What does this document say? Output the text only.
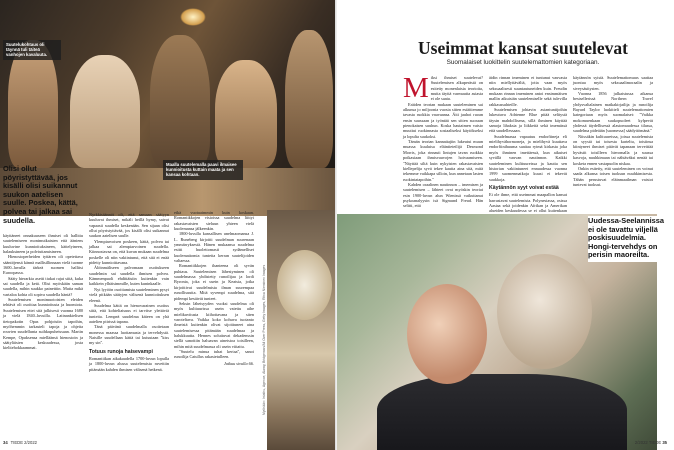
Suutelukohtaus oli täynnä tuli täiteä vanhojen kavaluuta.
Maalla suutelemalla paavi ilmaisee kunnioitusta kuttain maata ja sen kansaa kohtaan.
Olisi ollut pöyristyttävää, jos kisälli olisi suikannut suukon aatelisen suulle. Poskea, kättä, polvea tai jalkaa sai suudella.

käyttäneet onnakuuseen ihmiset oli hallittu suutelemiseen monimutkaisten että ääniens kuuluvine kunnioituksineen, kättelyineen, halauksineen ja polviuttamisineen.

Hienostoperheiden tyttären oli opetettava sääntöjensä kännä mallisillinnaan vielä tuonne 1600–luvulla tärkeä suomen hallitsi Euroopassa.

Sääty hierarkia asetti tiukat rajat siitä, kuka sai suudella ja ketä. Olisi myöskään saman suudella, mihin suukko painettiin. Mutta mikä vartaloa kohta oli sopiva suudella häntä?

Suutelemisen monimuotoisten eleiden tehtävä oli osoittaa kunnioitusta ja huomiota. Suutelemisen ettei sitä julkisesti vuonna 1680 ja vielä 1840–luvuilla. Latinankielisen tietopakotin Opas pohjoisiin tapoihin, myöhemmin tarkasteli tapoja ja ohjeita rouvien suudellunta suihkupuheissaan. Martin Kempe, Opuksensa mielläänsä hienostoin ja säätyläisten keskuudessa, josta kielitehokkaammat.

Nyrkkisäännöt oli, että samaan säätyyn kuuluvat ihmiset, mikäli heillä hymy, saivat vapaasti suudella keskenään. Sen sijaan olisi ollut pöyristyttävää, jos kisälli olisi suikannut suukon aatelisen suulle.

Ylempiarvoisen poskeen, kättä, polvea tai jalkaa sai alempiarvoinen suudella. Kiinnostavaa on, että kuvan mukaan suudelma poskelle oli niin vakiintunut, että sitä ei enää pidetty kunnioittavana.

Älöinmäliseen palvomaan osoitukseen suudelmin sai suudella ihmisen polvea. Kämmenpuoli ehdittäisiin kuitenkin vain kaikkein ylhäisimmille, kuten kuninkaalle.

Nyt lyyöön osoittamista suuteleminen pysyi vielä pitkään säätyjen välisenä kunnioituksen eleenä.

Suudelma kättä on hienovarainen osoitus siitä, että kohteliaisuus ei tarvitse ylettäviä tunteita. Lempeä suudelma käteen on yhä aatelien piirissä tapana.

Tänä päivänä suudelmalla osoitetaan monessa maassa luottamusta ja tervehdystä. Naisille suudellaan kättä tai kutsutaan "kiss my sin".

Totuus runoja haisevampi

Romantiikan aikakaudella 1700-luvun lopulla ja 1800-luvun alussa suutelemista ruvettiin pitämään kahden ihmisen välisenä hetkenä.

eikä vuotuaimmin kuin koskaan. Romantikkojen visioissa suudelma liittyi rakastavaisten sieluun yhteen vielä kuolemansa jälkeenkin.

1800-luvulla kansallisen unelmaomansa J. L. Runeberg kirjoitti suudelman suurenaan ymmärryksestä. Hänen mukaansa suudelma esitti huolettomasti sydämelliset kuolemattomia tunteita kerran suutelijoiden valtaessa.

Romantiikkojen ihanteena oli syvän puhtaus. Suutelemisen lähestyminen oli suudelmassa yhdistetty runoilijaa ja lordi Byronia, joka ei usein ja Keatsia, jotka kirjoittivat suudelmista ilman suurempaa runollisuutta. Mitä syvempi suudelma, sitä pidempi kestävät tunteet.

Seksin läheisyyden vuoksi suudelma oli myös kulttuurissa usein vaiettu aihe mielikuvitusta kiihottavana ja siten varoteltava. Vaikka koko kohuva tuotanto ilmeistä kuitenkin olivat sijoittuneet aina suutelemisessa pitämään suudelmaa ja halukkuutta. Hennes soluttuvat dekadenssin siellä sanottiin haluavan aineistoa toisilleen, mihin mitä suudelmassa oli usein viitattu.

"Suutelu minua tuhat kertaa", sanoi runoilija Catullus rakastetulleen.

Jatkuu sivulla 66. Myöhään: Intathu, Agence, Alamy, Bridgeman/All Over Press, Getty Images, Ritva Nieminen Images
34 TIEDE 2/2022
Useimmat kansat suutelevat
Suomalaiset luokittelin suutelemattomien kategoriaan.

Miksi ihmiset suutelevat? Suutelemisen alkuperästä on esitetty monenlaisia teorioita, mutta täyttä varmuutta asiasta ei ole saatu.

Eräiden teorian mukaan suuteleminen sai alkunsa jo miljoonia vuosia sitten esiäitiemme tavasta ruokkia vauvaansa. Äiti jauhoi ruoan ensin suussaan ja työntää sen sitten suoraan pienokaisen suuhun. Koska hautaimen vaisto muuttui ruokinnasta sosiaaliseksi käytökseksi ja lopulta suukoksi.

Tämän teorian kannattajiin lukeutui muun muassa kuuluisa eläintieteilijä Desmond Morris, joka rinnasti lintujen tavan ruokkia poikasiaan ihmisvauvojen hoivaamiseen. "Näyttää siltä kuin nykyisten rakastavaisten kiellepelija syvä tekee kautta aina sitä, mitä tekemme vaikkapa silloin, kun annetaan lasten ruokintatapoihin."

Kahden oraalinen nautinnon – imemisen ja suutelemisen – lähteet ovat myöskin teoriat esin 1900-luvun alun Wienissä vaikuttanut psykoanalyysin isä Sigmund Freud. Hän selitti, että

äidin rinnan imeminen et tuntunut vauvasta niin miellyttävältä, jotta vaan myös seksuaalisesti suuntautuneiden kuin. Freudin mukaan rinnan imeminen antoi ensimmäisen mallin aikuisiän suutelemiselle sekä tulevilla rakkaussuhteille.

Suutelemisen johtavin asiantuntijoihin lukeutuva Adrienne Blue pitää selitystä täysin mahdollisena, sillä ihminen käyttää samoja lihaksia ja liikkeitä sekä imemässä että suudellessaan.

Suudelmassa vapautuu endorfiineja eli mielihyvähormoneja, ja mielihyvä kuuttava endorfiinihuuma saattaa rytmä kirkasta joka myös ihminen imettäessä, kun aikuiset syvällä vauvan nautinnon. Kaikki suuteleminen kulttuureissa ja kautta sen historian vakiintuneet ennuudessa vuonna 1999 suomenmatkoja kuusi ei tekevät suukkoja.

Käytännön syyt voivat estää

Ei ole ihme, että useimmat maapallon kansat harrastavat suutelemista. Polynesiassa, osissa Aasiaa sekä joidenkin Afrikan ja Amerikan alueiden keskuudessa se ei ollut kuitenkaan

käytännön syistä. Suutelemattomuus saattaa juontua myös seksuaalimoraalin ja siveysäsitysten.

Vuonna 1856 julkaistussa aikansa bestsellerissä Northern Travel yhdysvaltalainen matkakirjailija ja runoilija Bayard Taylor luokitteli suutelemattomien kategoriaan myös suomalaiset: "Vaikka mokomuenkaan suukopuoleet kylpevät yhdessä täydellisessä alastomuudessa tilassa, suudelma pidetään [suomessa] säädyttömänä."

Niissäkin kulttuureissa, joissa suutelemista on syystä tai toisesta karteltu, toisiinsa kiintyneet ihmiset pitävät tapanaan terveittää hyvästit toisilleen hieromalla ja suussa kasvoja, nuuhkimaan tai nähtäväksi nenää tai kosketa ennen vastapuolin niskaa.

Onkin esitetty, että suuteleminen on voinut saada alkunsa toisen tuoksun nuuhkimisesta. Tähän perustuvat eläinmaailman vaistot tuntevat tuoksut.

Uudessa-Seelannissa ei ole tavattu viljellä poskisuudelmia. Hongi-tervehdys on perisin maoreilta.
2/2022 TIEDE 35
